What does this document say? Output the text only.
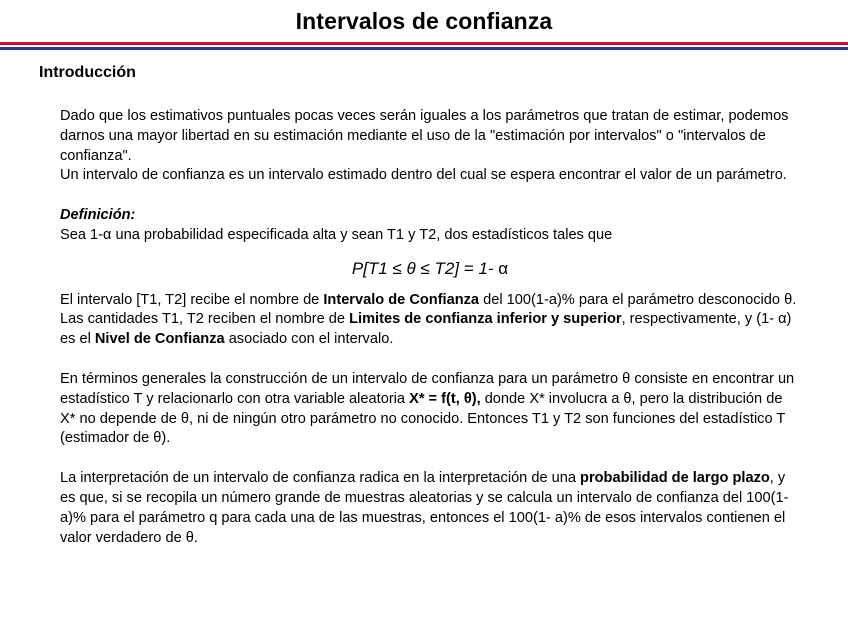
Intervalos de confianza
Introducción

Dado que los estimativos puntuales pocas veces serán iguales a los parámetros que tratan de estimar, podemos darnos una mayor libertad en su estimación mediante el uso de la "estimación por intervalos" o "intervalos de confianza".

Un intervalo de confianza es un intervalo estimado dentro del cual se espera encontrar el valor de un parámetro.

Definición:

Sea 1-α una probabilidad especificada alta y sean T1 y T2, dos estadísticos tales que

P[T1 ≤ θ ≤ T2] = 1- α

El intervalo [T1, T2] recibe el nombre de Intervalo de Confianza del 100(1-a)% para el parámetro desconocido θ. Las cantidades T1, T2 reciben el nombre de Limites de confianza inferior y superior, respectivamente, y (1- α) es el Nivel de Confianza asociado con el intervalo.

En términos generales la construcción de un intervalo de confianza para un parámetro θ consiste en encontrar un estadístico T y relacionarlo con otra variable aleatoria X* = f(t, θ), donde X* involucra a θ, pero la distribución de X* no depende de θ, ni de ningún otro parámetro no conocido. Entonces T1 y T2 son funciones del estadístico T (estimador de θ).

La interpretación de un intervalo de confianza radica en la interpretación de una probabilidad de largo plazo, y es que, si se recopila un número grande de muestras aleatorias y se calcula un intervalo de confianza del 100(1-a)% para el parámetro q para cada una de las muestras, entonces el 100(1- a)% de esos intervalos contienen el valor verdadero de θ.
